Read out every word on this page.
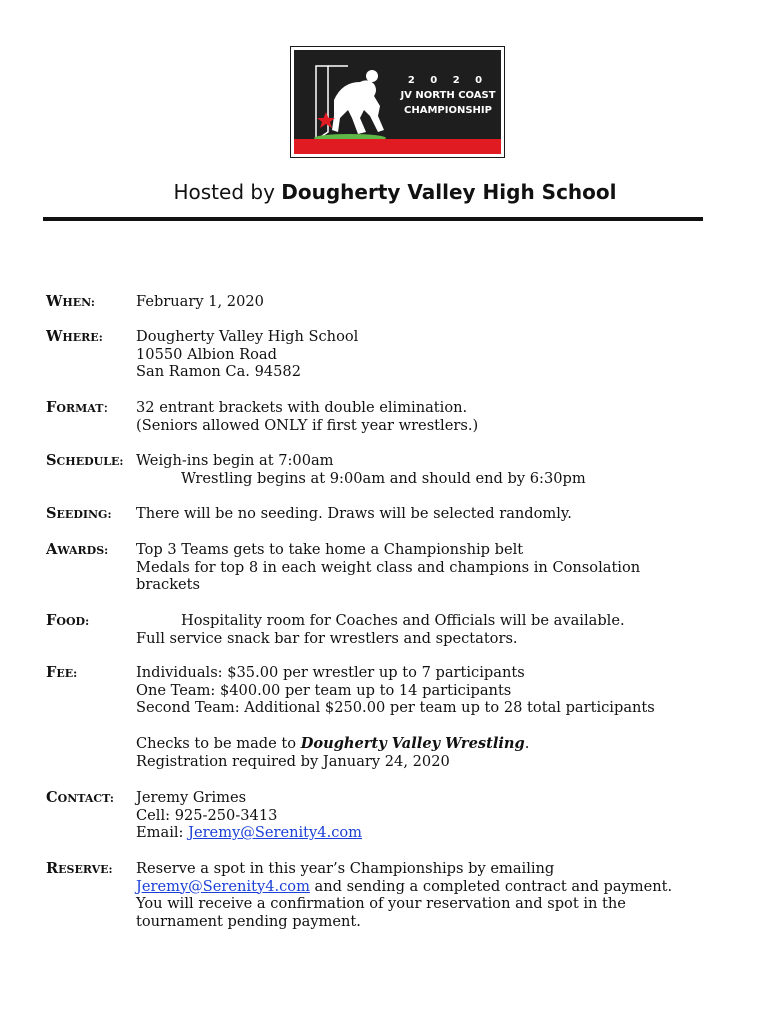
2 0 2 0
JV NORTH COAST
CHAMPIONSHIP
Hosted by Dougherty Valley High School
WHEN:	February 1, 2020
WHERE:	Dougherty Valley High School
10550 Albion Road
San Ramon Ca. 94582
FORMAT:	32 entrant brackets with double elimination.
(Seniors allowed ONLY if first year wrestlers.)
SCHEDULE: Weigh-ins begin at 7:00am
Wrestling begins at 9:00am and should end by 6:30pm
SEEDING:	There will be no seeding. Draws will be selected randomly.
AWARDS:	Top 3 Teams gets to take home a Championship belt
Medals for top 8 in each weight class and champions in Consolation
brackets
FOOD:	Hospitality room for Coaches and Officials will be available.
Full service snack bar for wrestlers and spectators.
FEE:	Individuals: $35.00 per wrestler up to 7 participants
One Team: $400.00 per team up to 14 participants
Second Team: Additional $250.00 per team up to 28 total participants
Checks to be made to Dougherty Valley Wrestling.
Registration required by January 24, 2020
CONTACT:	Jeremy Grimes
Cell: 925-250-3413
Email: Jeremy@Serenity4.com
RESERVE:	Reserve a spot in this year’s Championships by emailing
Jeremy@Serenity4.com and sending a completed contract and payment.
You will receive a confirmation of your reservation and spot in the
tournament pending payment.
